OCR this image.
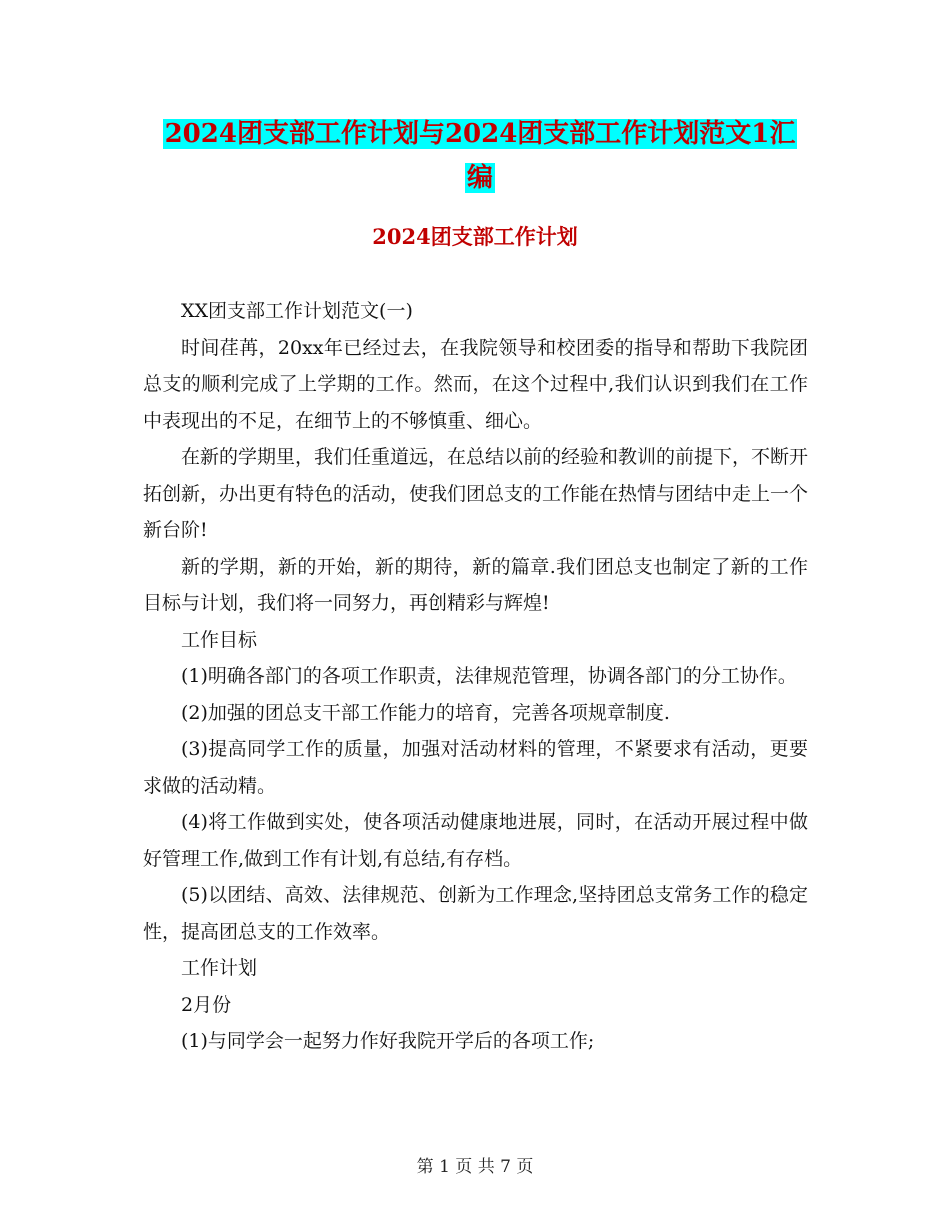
2024团支部工作计划与2024团支部工作计划范文1汇
编
2024团支部工作计划

XX团支部工作计划范文(一)

时间荏苒，20xx年已经过去，在我院领导和校团委的指导和帮助下我院团总支的顺利完成了上学期的工作。然而，在这个过程中,我们认识到我们在工作中表现出的不足，在细节上的不够慎重、细心。

在新的学期里，我们任重道远，在总结以前的经验和教训的前提下，不断开拓创新，办出更有特色的活动，使我们团总支的工作能在热情与团结中走上一个新台阶!

新的学期，新的开始，新的期待，新的篇章.我们团总支也制定了新的工作目标与计划，我们将一同努力，再创精彩与辉煌!

工作目标

(1)明确各部门的各项工作职责，法律规范管理，协调各部门的分工协作。

(2)加强的团总支干部工作能力的培育，完善各项规章制度.

(3)提高同学工作的质量，加强对活动材料的管理，不紧要求有活动，更要求做的活动精。

(4)将工作做到实处，使各项活动健康地进展，同时，在活动开展过程中做好管理工作,做到工作有计划,有总结,有存档。

(5)以团结、高效、法律规范、创新为工作理念,坚持团总支常务工作的稳定性，提高团总支的工作效率。

工作计划

2月份

(1)与同学会一起努力作好我院开学后的各项工作;

第 1 页 共 7 页
